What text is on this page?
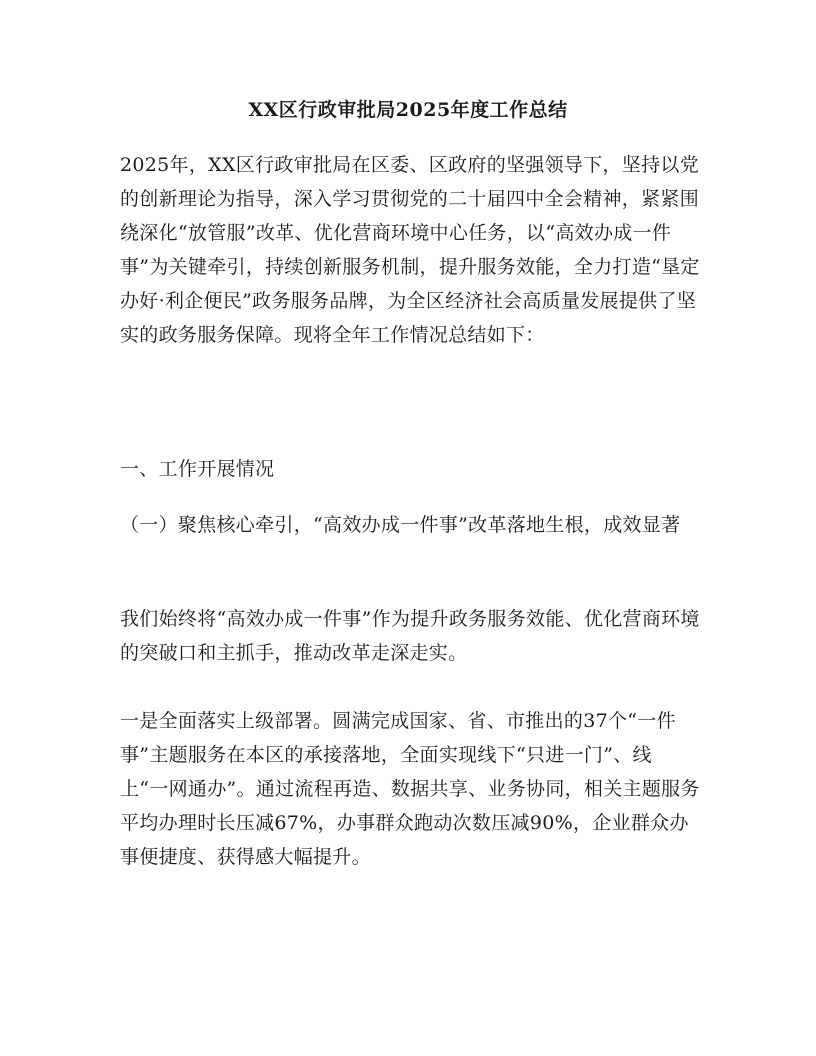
XX区行政审批局2025年度工作总结
2025年，XX区行政审批局在区委、区政府的坚强领导下，坚持以党的创新理论为指导，深入学习贯彻党的二十届四中全会精神，紧紧围绕深化“放管服”改革、优化营商环境中心任务，以“高效办成一件事”为关键牵引，持续创新服务机制，提升服务效能，全力打造“垦定办好·利企便民”政务服务品牌，为全区经济社会高质量发展提供了坚实的政务服务保障。现将全年工作情况总结如下：
一、工作开展情况
（一）聚焦核心牵引，“高效办成一件事”改革落地生根，成效显著
我们始终将“高效办成一件事”作为提升政务服务效能、优化营商环境的突破口和主抓手，推动改革走深走实。
一是全面落实上级部署。圆满完成国家、省、市推出的37个“一件事”主题服务在本区的承接落地，全面实现线下“只进一门”、线上“一网通办”。通过流程再造、数据共享、业务协同，相关主题服务平均办理时长压减67%，办事群众跑动次数压减90%，企业群众办事便捷度、获得感大幅提升。
